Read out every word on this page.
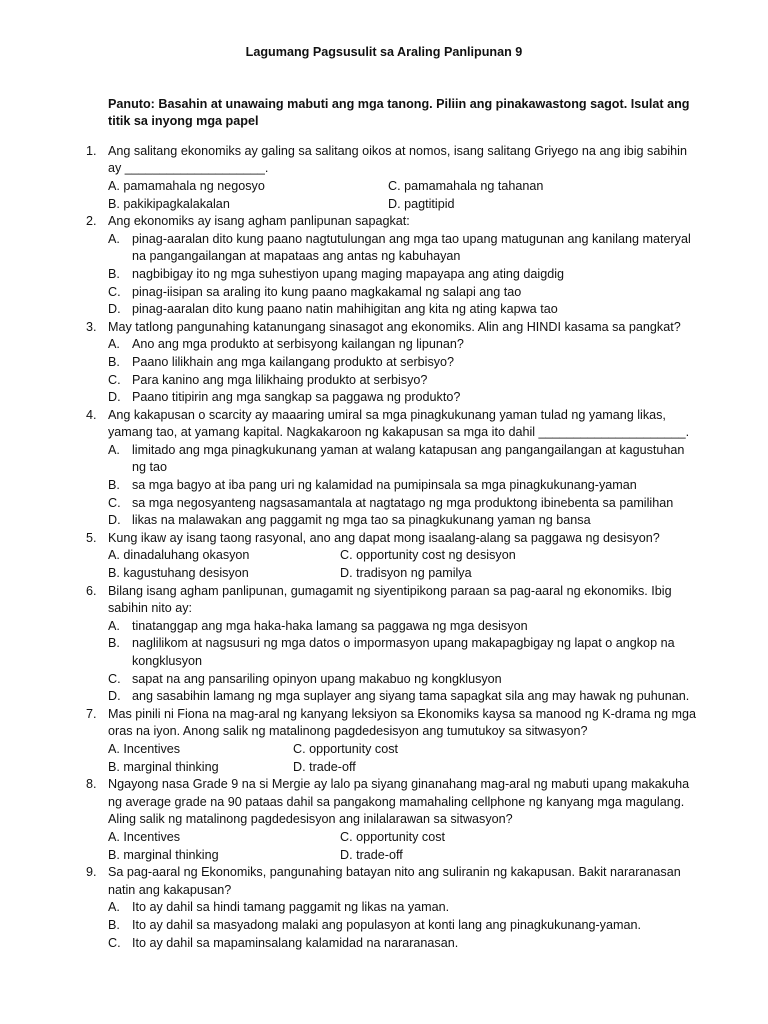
Lagumang Pagsusulit sa Araling Panlipunan 9
Panuto: Basahin at unawaing mabuti ang mga tanong. Piliin ang pinakawastong sagot. Isulat ang titik sa inyong mga papel
1. Ang salitang ekonomiks ay galing sa salitang oikos at nomos, isang salitang Griyego na ang ibig sabihin ay ____________________.
A. pamamahala ng negosyo	C. pamamahala ng tahanan
B. pakikipagkalakalan	D. pagtitipid
2. Ang ekonomiks ay isang agham panlipunan sapagkat:
A. pinag-aaralan dito kung paano nagtutulungan ang mga tao upang matugunan ang kanilang materyal na pangangailangan at mapataas ang antas ng kabuhayan
B. nagbibigay ito ng mga suhestiyon upang maging mapayapa ang ating daigdig
C. pinag-iisipan sa araling ito kung paano magkakamal ng salapi ang tao
D. pinag-aaralan dito kung paano natin mahihigitan ang kita ng ating kapwa tao
3. May tatlong pangunahing katanungang sinasagot ang ekonomiks. Alin ang HINDI kasama sa pangkat?
A. Ano ang mga produkto at serbisyong kailangan ng lipunan?
B. Paano lilikhain ang mga kailangang produkto at serbisyo?
C. Para kanino ang mga lilikhaing produkto at serbisyo?
D. Paano titipirin ang mga sangkap sa paggawa ng produkto?
4. Ang kakapusan o scarcity ay maaaring umiral sa mga pinagkukunang yaman tulad ng yamang likas, yamang tao, at yamang kapital. Nagkakaroon ng kakapusan sa mga ito dahil _____________________.
A. limitado ang mga pinagkukunang yaman at walang katapusan ang pangangailangan at kagustuhan ng tao
B. sa mga bagyo at iba pang uri ng kalamidad na pumipinsala sa mga pinagkukunang-yaman
C. sa mga negosyanteng nagsasamantala at nagtatago ng mga produktong ibinebenta sa pamilihan
D. likas na malawakan ang paggamit ng mga tao sa pinagkukunang yaman ng bansa
5. Kung ikaw ay isang taong rasyonal, ano ang dapat mong isaalang-alang sa paggawa ng desisyon?
A. dinadaluhang okasyon	C. opportunity cost ng desisyon
B. kagustuhang desisyon	D. tradisyon ng pamilya
6. Bilang isang agham panlipunan, gumagamit ng siyentipikong paraan sa pag-aaral ng ekonomiks. Ibig sabihin nito ay:
A. tinatanggap ang mga haka-haka lamang sa paggawa ng mga desisyon
B. naglilikom at nagsusuri ng mga datos o impormasyon upang makapagbigay ng lapat o angkop na kongklusyon
C. sapat na ang pansariling opinyon upang makabuo ng kongklusyon
D. ang sasabihin lamang ng mga suplayer ang siyang tama sapagkat sila ang may hawak ng puhunan.
7. Mas pinili ni Fiona na mag-aral ng kanyang leksiyon sa Ekonomiks kaysa sa manood ng K-drama ng mga oras na iyon. Anong salik ng matalinong pagdedesisyon ang tumutukoy sa sitwasyon?
A. Incentives	C. opportunity cost
B. marginal thinking	D. trade-off
8. Ngayong nasa Grade 9 na si Mergie ay lalo pa siyang ginanahang mag-aral ng mabuti upang makakuha ng average grade na 90 pataas dahil sa pangakong mamahaling cellphone ng kanyang mga magulang. Aling salik ng matalinong pagdedesisyon ang inilalarawan sa sitwasyon?
A. Incentives	C. opportunity cost
B. marginal thinking	D. trade-off
9. Sa pag-aaral ng Ekonomiks, pangunahing batayan nito ang suliranin ng kakapusan. Bakit nararanasan natin ang kakapusan?
A. Ito ay dahil sa hindi tamang paggamit ng likas na yaman.
B. Ito ay dahil sa masyadong malaki ang populasyon at konti lang ang pinagkukunang-yaman.
C. Ito ay dahil sa mapaminsalang kalamidad na nararanasan.
